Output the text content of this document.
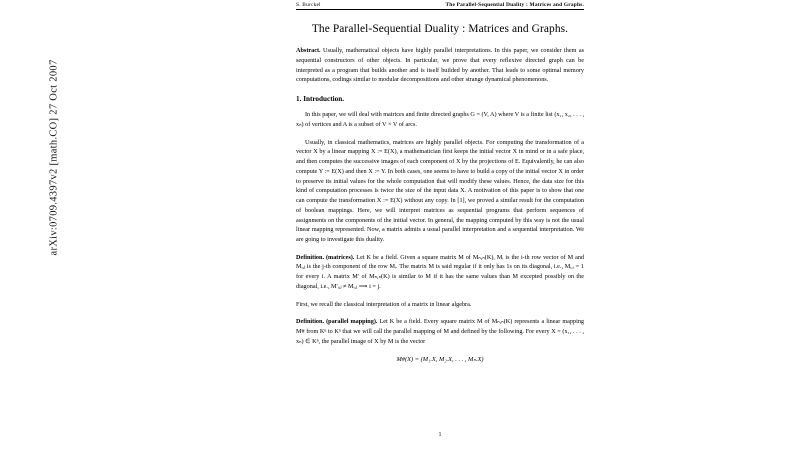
arXiv:0709.4397v2 [math.CO] 27 Oct 2007
S. Burckel	The Parallel-Sequential Duality : Matrices and Graphs.
The Parallel-Sequential Duality : Matrices and Graphs.

Abstract. Usually, mathematical objects have highly parallel interpretations. In this paper, we consider them as sequential constructors of other objects. In particular, we prove that every reflexive directed graph can be interpreted as a program that builds another and is itself builded by another. That leads to some optimal memory computations, codings similar to modular decompositions and other strange dynamical phenomenons.

1. Introduction.

In this paper, we will deal with matrices and finite directed graphs G = (V, A) where V is a finite list (x₁, x₂, . . . , xₙ) of vertices and A is a subset of V × V of arcs.

Usually, in classical mathematics, matrices are highly parallel objects. For computing the transformation of a vector X by a linear mapping X := E(X), a mathematician first keeps the initial vector X in mind or in a safe place, and then computes the successive images of each component of X by the projections of E. Equivalently, he can also compute Y := E(X) and then X := Y. In both cases, one seems to have to build a copy of the initial vector X in order to preserve its initial values for the whole computation that will modify these values. Hence, the data size for this kind of computation processes is twice the size of the input data X. A motivation of this paper is to show that one can compute the transformation X := E(X) without any copy. In [1], we proved a similar result for the computation of boolean mappings. Here, we will interpret matrices as sequential programs that perform sequences of assignments on the components of the initial vector. In general, the mapping computed by this way is not the usual linear mapping represented. Now, a matrix admits a usual parallel interpretation and a sequential interpretation. We are going to investigate this duality.

Definition. (matrices). Let K be a field. Given a square matrix M of Mₙ,ₙ(K), Mᵢ is the i-th row vector of M and Mᵢ,ⱼ is the j-th component of the row Mᵢ. The matrix M is said regular if it only has 1s on its diagonal, i.e., Mᵢ,ᵢ = 1 for every i. A matrix M′ of Mₙ,ₙ(K) is similar to M if it has the same values than M excepted possibly on the diagonal, i.e., M′ᵢ,ⱼ ≠ Mᵢ,ⱼ ⟹ i = j.

First, we recall the classical interpretation of a matrix in linear algebra.

Definition. (parallel mapping). Let K be a field. Every square matrix M of Mₙ,ₙ(K) represents a linear mapping M# from Kⁿ to Kⁿ that we will call the parallel mapping of M and defined by the following. For every X = (x₁, . . . , xₙ) ∈ Kⁿ, the parallel image of X by M is the vector

M#(X) = (M₁.X, M₂.X, . . . , Mₙ.X)
1
